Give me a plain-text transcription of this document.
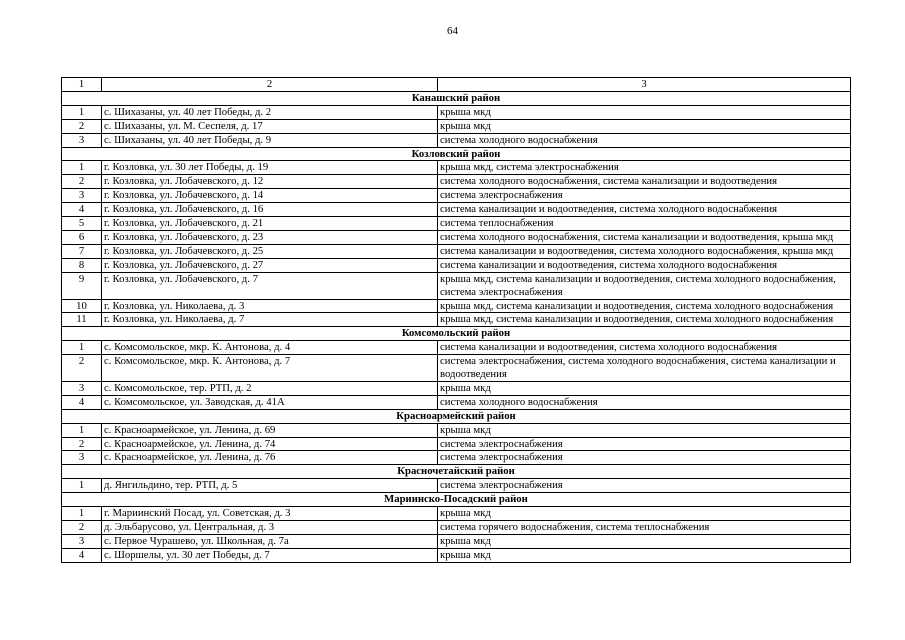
64
1	2	3
Канашский район		
1	с. Шихазаны, ул. 40 лет Победы, д. 2	крыша мкд

2	с. Шихазаны, ул. М. Сеспеля, д. 17	крыша мкд

3	с. Шихазаны, ул. 40 лет Победы, д. 9	система холодного водоснабжения

Козловский район		
1	г. Козловка, ул. 30 лет Победы, д. 19	крыша мкд, система электроснабжения

2	г. Козловка, ул. Лобачевского, д. 12	система холодного водоснабжения, система канализации и водоотведения

3	г. Козловка, ул. Лобачевского, д. 14	система электроснабжения

4	г. Козловка, ул. Лобачевского, д. 16	система канализации и водоотведения, система холодного водоснабжения

5	г. Козловка, ул. Лобачевского, д. 21	система теплоснабжения

6	г. Козловка, ул. Лобачевского, д. 23	система холодного водоснабжения, система канализации и водоотведения, крыша мкд

7	г. Козловка, ул. Лобачевского, д. 25	система канализации и водоотведения, система холодного водоснабжения, крыша мкд

8	г. Козловка, ул. Лобачевского, д. 27	система канализации и водоотведения, система холодного водоснабжения

9	г. Козловка, ул. Лобачевского, д. 7	крыша мкд, система канализации и водоотведения, система холодного водоснабжения,
система электроснабжения

10	г. Козловка, ул. Николаева, д. 3	крыша мкд, система канализации и водоотведения, система холодного водоснабжения

11	г. Козловка, ул. Николаева, д. 7	крыша мкд, система канализации и водоотведения, система холодного водоснабжения

Комсомольский район		
1	с. Комсомольское, мкр. К. Антонова, д. 4	система канализации и водоотведения, система холодного водоснабжения

2	с. Комсомольское, мкр. К. Антонова, д. 7	система электроснабжения, система холодного водоснабжения, система канализации и
водоотведения

3	с. Комсомольское, тер. РТП, д. 2	крыша мкд

4	с. Комсомольское, ул. Заводская, д. 41А	система холодного водоснабжения

Красноармейский район		
1	с. Красноармейское, ул. Ленина, д. 69	крыша мкд

2	с. Красноармейское, ул. Ленина, д. 74	система электроснабжения

3	с. Красноармейское, ул. Ленина, д. 76	система электроснабжения

Красночетайский район		
1	д. Янгильдино, тер. РТП, д. 5	система электроснабжения

Мариинско-Посадский район		
1	г. Мариинский Посад, ул. Советская, д. 3	крыша мкд

2	д. Эльбарусово, ул. Центральная, д. 3	система горячего водоснабжения, система теплоснабжения

3	с. Первое Чурашево, ул. Школьная, д. 7а	крыша мкд

4	с. Шоршелы, ул. 30 лет Победы, д. 7	крыша мкд
